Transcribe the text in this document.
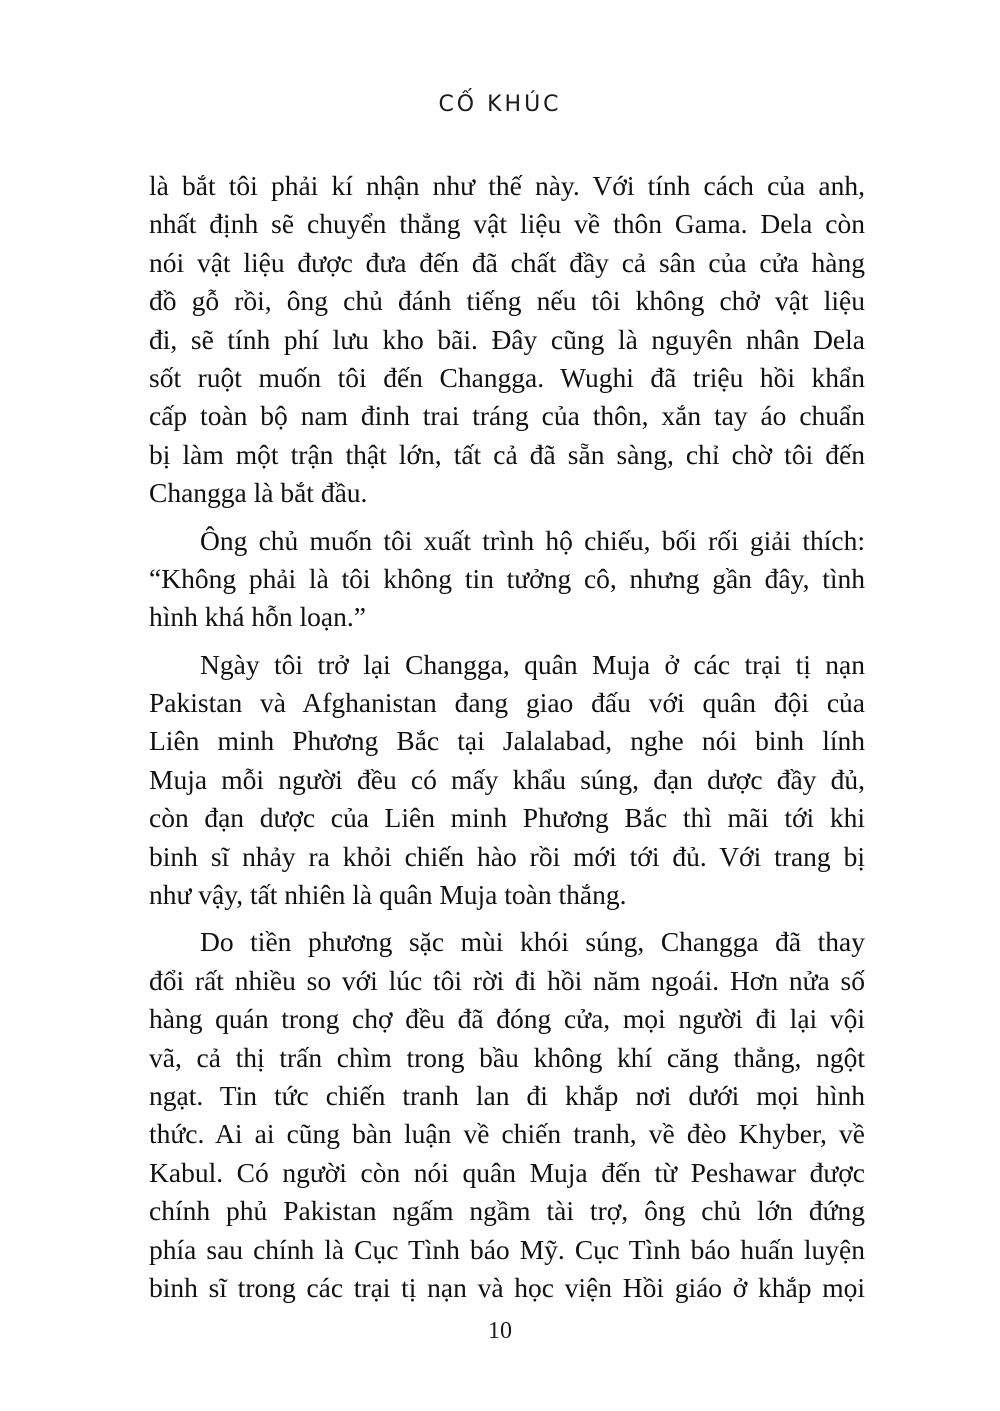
CỐ KHÚC
là bắt tôi phải kí nhận như thế này. Với tính cách của anh,
nhất định sẽ chuyển thẳng vật liệu về thôn Gama. Dela còn
nói vật liệu được đưa đến đã chất đầy cả sân của cửa hàng
đồ gỗ rồi, ông chủ đánh tiếng nếu tôi không chở vật liệu
đi, sẽ tính phí lưu kho bãi. Đây cũng là nguyên nhân Dela
sốt ruột muốn tôi đến Changga. Wughi đã triệu hồi khẩn
cấp toàn bộ nam đinh trai tráng của thôn, xắn tay áo chuẩn
bị làm một trận thật lớn, tất cả đã sẵn sàng, chỉ chờ tôi đến
Changga là bắt đầu.
Ông chủ muốn tôi xuất trình hộ chiếu, bối rối giải thích:
“Không phải là tôi không tin tưởng cô, nhưng gần đây, tình
hình khá hỗn loạn.”
Ngày tôi trở lại Changga, quân Muja ở các trại tị nạn
Pakistan và Afghanistan đang giao đấu với quân đội của
Liên minh Phương Bắc tại Jalalabad, nghe nói binh lính
Muja mỗi người đều có mấy khẩu súng, đạn dược đầy đủ,
còn đạn dược của Liên minh Phương Bắc thì mãi tới khi
binh sĩ nhảy ra khỏi chiến hào rồi mới tới đủ. Với trang bị
như vậy, tất nhiên là quân Muja toàn thắng.
Do tiền phương sặc mùi khói súng, Changga đã thay
đổi rất nhiều so với lúc tôi rời đi hồi năm ngoái. Hơn nửa số
hàng quán trong chợ đều đã đóng cửa, mọi người đi lại vội
vã, cả thị trấn chìm trong bầu không khí căng thẳng, ngột
ngạt. Tin tức chiến tranh lan đi khắp nơi dưới mọi hình
thức. Ai ai cũng bàn luận về chiến tranh, về đèo Khyber, về
Kabul. Có người còn nói quân Muja đến từ Peshawar được
chính phủ Pakistan ngấm ngầm tài trợ, ông chủ lớn đứng
phía sau chính là Cục Tình báo Mỹ. Cục Tình báo huấn luyện
binh sĩ trong các trại tị nạn và học viện Hồi giáo ở khắp mọi
10
